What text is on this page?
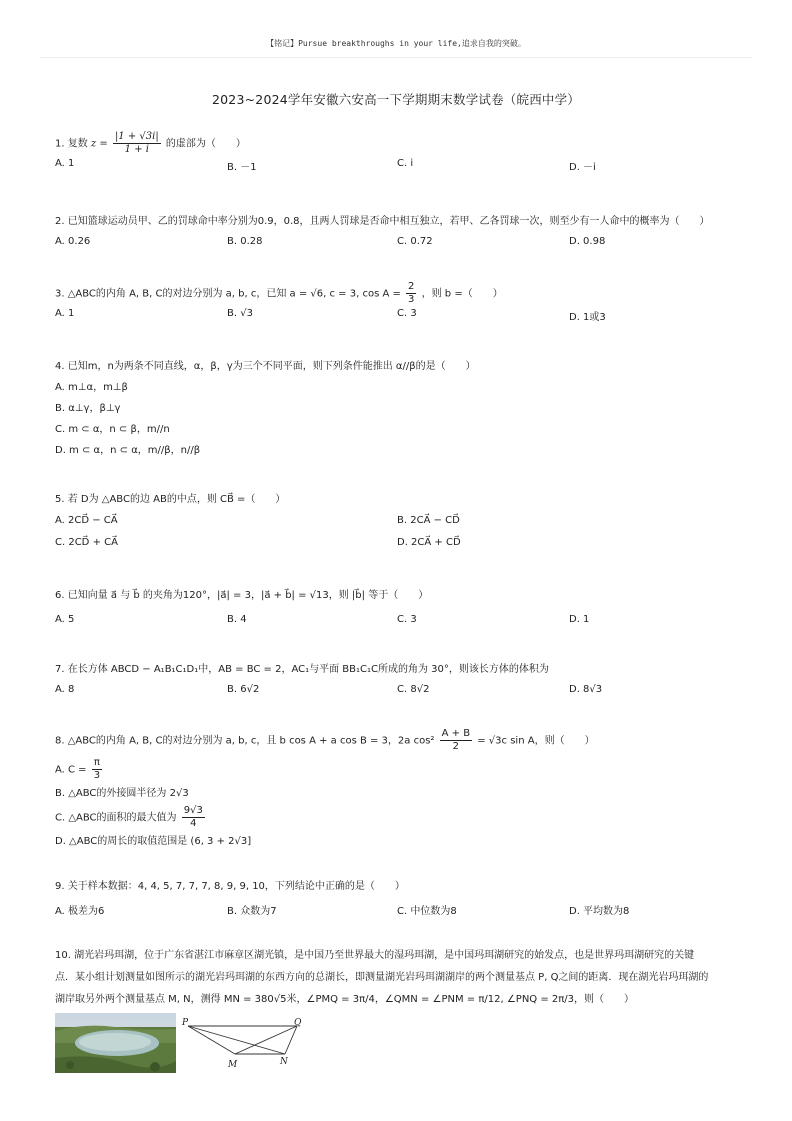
【铭记】Pursue breakthroughs in your life,追求自我的突破。
2023~2024学年安徽六安高一下学期期末数学试卷（皖西中学）
1. 复数 $z = \frac{|1 + √3i|}{1 + i}$ 的虚部为（　　）
A. 1	B. －1	C. i	D. －i
2. 已知篮球运动员甲、乙的罚球命中率分别为0.9，0.8，且两人罚球是否命中相互独立，若甲、乙各罚球一次，则至少有一人命中的概率为（　　）
A. 0.26	B. 0.28	C. 0.72	D. 0.98
3. △ABC的内角 A, B, C的对边分别为 a, b, c，已知 a = √6, c = 3, $\cos A = \frac{2}{3}$ ，则 b =（　　）
A. 1	B. √3	C. 3	D. 1或3
4. 已知m，n为两条不同直线，α，β，γ为三个不同平面，则下列条件能推出 α//β的是（　　）
A. m⊥α，m⊥β
B. α⊥γ，β⊥γ
C. m ⊂ α，n ⊂ β，m//n
D. m ⊂ α，n ⊂ α，m//β，n//β
5. 若 D为 △ABC的边 AB的中点，则 CB⃗ =（　　）
A. 2CD⃗ − CA⃗	B. 2CA⃗ − CD⃗
C. 2CD⃗ + CA⃗	D. 2CA⃗ + CD⃗
6. 已知向量 a⃗ 与 b⃗ 的夹角为120°，|a⃗| = 3，|a⃗ + b⃗| = √13，则 |b⃗| 等于（　　）
A. 5	B. 4	C. 3	D. 1
7. 在长方体 ABCD − A₁B₁C₁D₁中，AB = BC = 2，AC₁与平面 BB₁C₁C所成的角为 30°，则该长方体的体积为
A. 8	B. 6√2	C. 8√2	D. 8√3
8. △ABC的内角 A, B, C的对边分别为 a, b, c，且 b cos A + a cos B = 3，2a $\cos^2 \frac{A + B}{2} = √3c$ sin A，则（　　）
A. $C = \frac{\pi}{3}$
B. △ABC的外接圆半径为 2√3
C. △ABC的面积的最大值为 $\frac{9√3}{4}$
D. △ABC的周长的取值范围是 (6, 3 + 2√3]
9. 关于样本数据：4, 4, 5, 7, 7, 7, 8, 9, 9, 10，下列结论中正确的是（　　）
A. 极差为6	B. 众数为7	C. 中位数为8	D. 平均数为8
10. 湖光岩玛珥湖，位于广东省湛江市麻章区湖光镇，是中国乃至世界最大的湿玛珥湖，是中国玛珥湖研究的始发点，也是世界玛珥湖研究的关键
点．某小组计划测量如图所示的湖光岩玛珥湖的东西方向的总湖长，即测量湖光岩玛珥湖湖岸的两个测量基点 P, Q之间的距离．现在湖光岩玛珥湖的
湖岸取另外两个测量基点 M, N，测得 MN = 380√5米，∠PMQ = 3π/4，∠QMN = ∠PNM = π/12, ∠PNQ = 2π/3，则（　　）
P	Q
M	N
